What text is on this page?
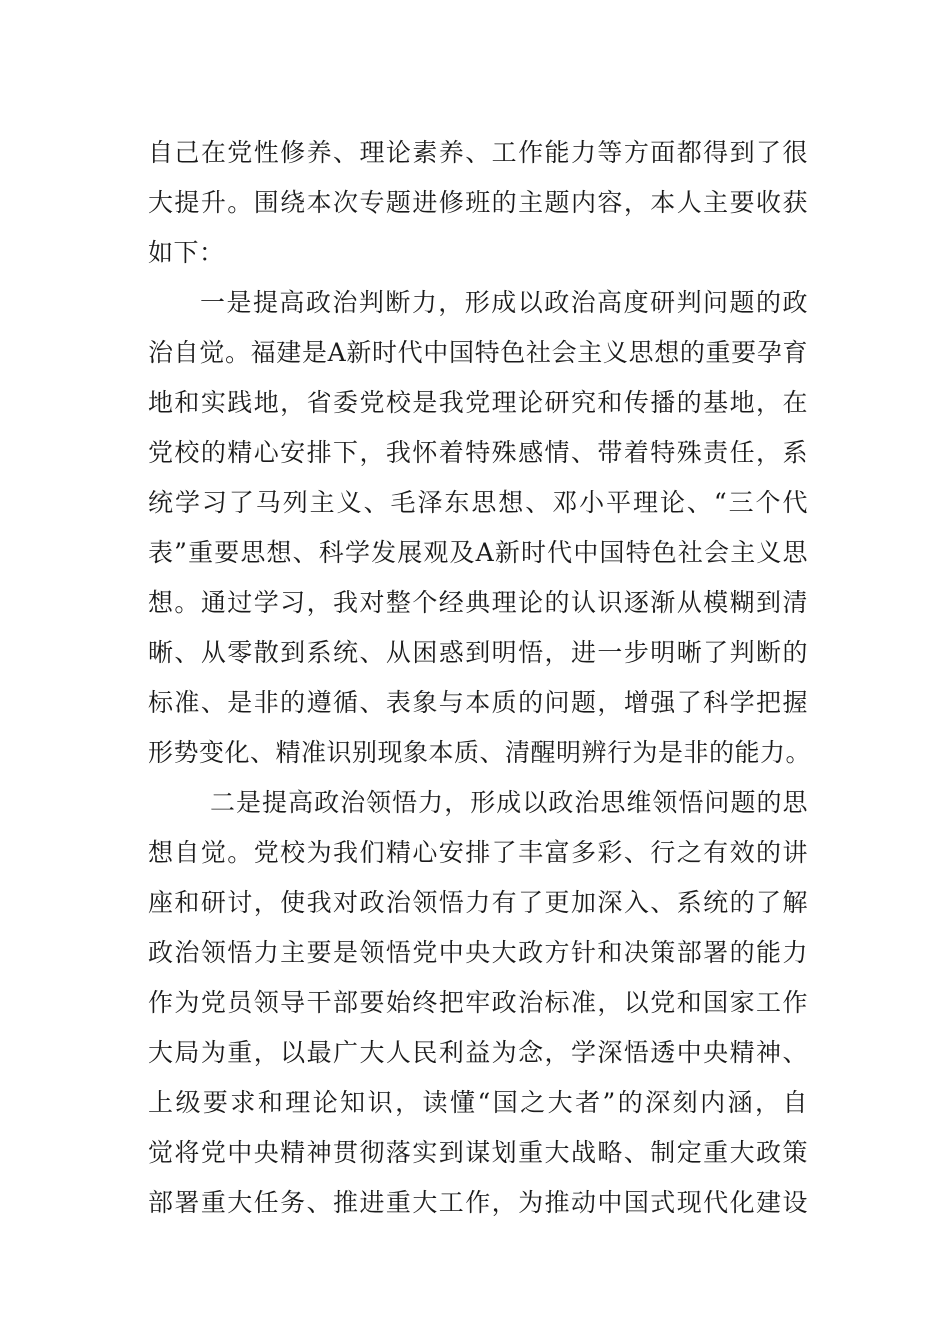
自己在党性修养、理论素养、工作能力等方面都得到了很
大提升。围绕本次专题进修班的主题内容，本人主要收获
如下：
一是提高政治判断力，形成以政治高度研判问题的政
治自觉。福建是A新时代中国特色社会主义思想的重要孕育
地和实践地，省委党校是我党理论研究和传播的基地，在
党校的精心安排下，我怀着特殊感情、带着特殊责任，系
统学习了马列主义、毛泽东思想、邓小平理论、“三个代
表”重要思想、科学发展观及A新时代中国特色社会主义思
想。通过学习，我对整个经典理论的认识逐渐从模糊到清
晰、从零散到系统、从困惑到明悟，进一步明晰了判断的
标准、是非的遵循、表象与本质的问题，增强了科学把握
形势变化、精准识别现象本质、清醒明辨行为是非的能力。
二是提高政治领悟力，形成以政治思维领悟问题的思
想自觉。党校为我们精心安排了丰富多彩、行之有效的讲
座和研讨，使我对政治领悟力有了更加深入、系统的了解
政治领悟力主要是领悟党中央大政方针和决策部署的能力
作为党员领导干部要始终把牢政治标准，以党和国家工作
大局为重，以最广大人民利益为念，学深悟透中央精神、
上级要求和理论知识，读懂“国之大者”的深刻内涵，自
觉将党中央精神贯彻落实到谋划重大战略、制定重大政策
部署重大任务、推进重大工作，为推动中国式现代化建设
